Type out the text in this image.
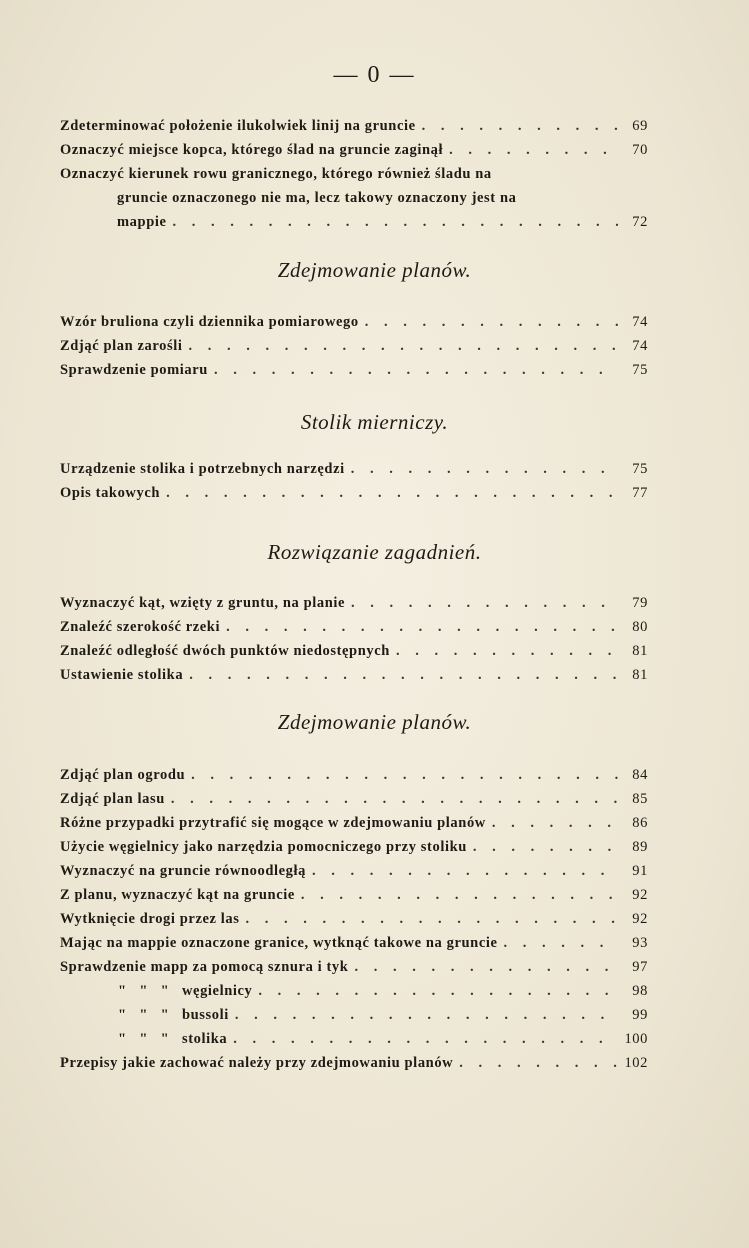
— 0 —
Zdeterminować położenie ilukolwiek linij na gruncie . . .	69
Oznaczyć miejsce kopca, którego ślad na gruncie zaginął . . .	70
Oznaczyć kierunek rowu granicznego, którego również śladu na
gruncie oznaczonego nie ma, lecz takowy oznaczony jest na
mappie . . .	72
Zdejmowanie planów.
Wzór bruliona czyli dziennika pomiarowego . . .	74
Zdjąć plan zarośli . . .	74
Sprawdzenie pomiaru . . .	75
Stolik mierniczy.
Urządzenie stolika i potrzebnych narzędzi . . .	75
Opis takowych . . .	77
Rozwiązanie zagadnień.
Wyznaczyć kąt, wzięty z gruntu, na planie . . .	79
Znaleźć szerokość rzeki . . .	80
Znaleźć odległość dwóch punktów niedostępnych . . .	81
Ustawienie stolika . . .	81
Zdejmowanie planów.
Zdjąć plan ogrodu . . .	84
Zdjąć plan lasu . . .	85
Różne przypadki przytrafić się mogące w zdejmowaniu planów . . .	86
Użycie węgielnicy jako narzędzia pomocniczego przy stoliku . . .	89
Wyznaczyć na gruncie równoodległą . . .	91
Z planu, wyznaczyć kąt na gruncie . . .	92
Wytknięcie drogi przez las . . .	92
Mając na mappie oznaczone granice, wytknąć takowe na gruncie . . .	93
Sprawdzenie mapp za pomocą sznura i tyk . . .	97
"   "   "   węgielnicy . . .	98
"   "   "   bussoli . . .	99
"   "   "   stolika . . .	100
Przepisy jakie zachować należy przy zdejmowaniu planów . . .	102
